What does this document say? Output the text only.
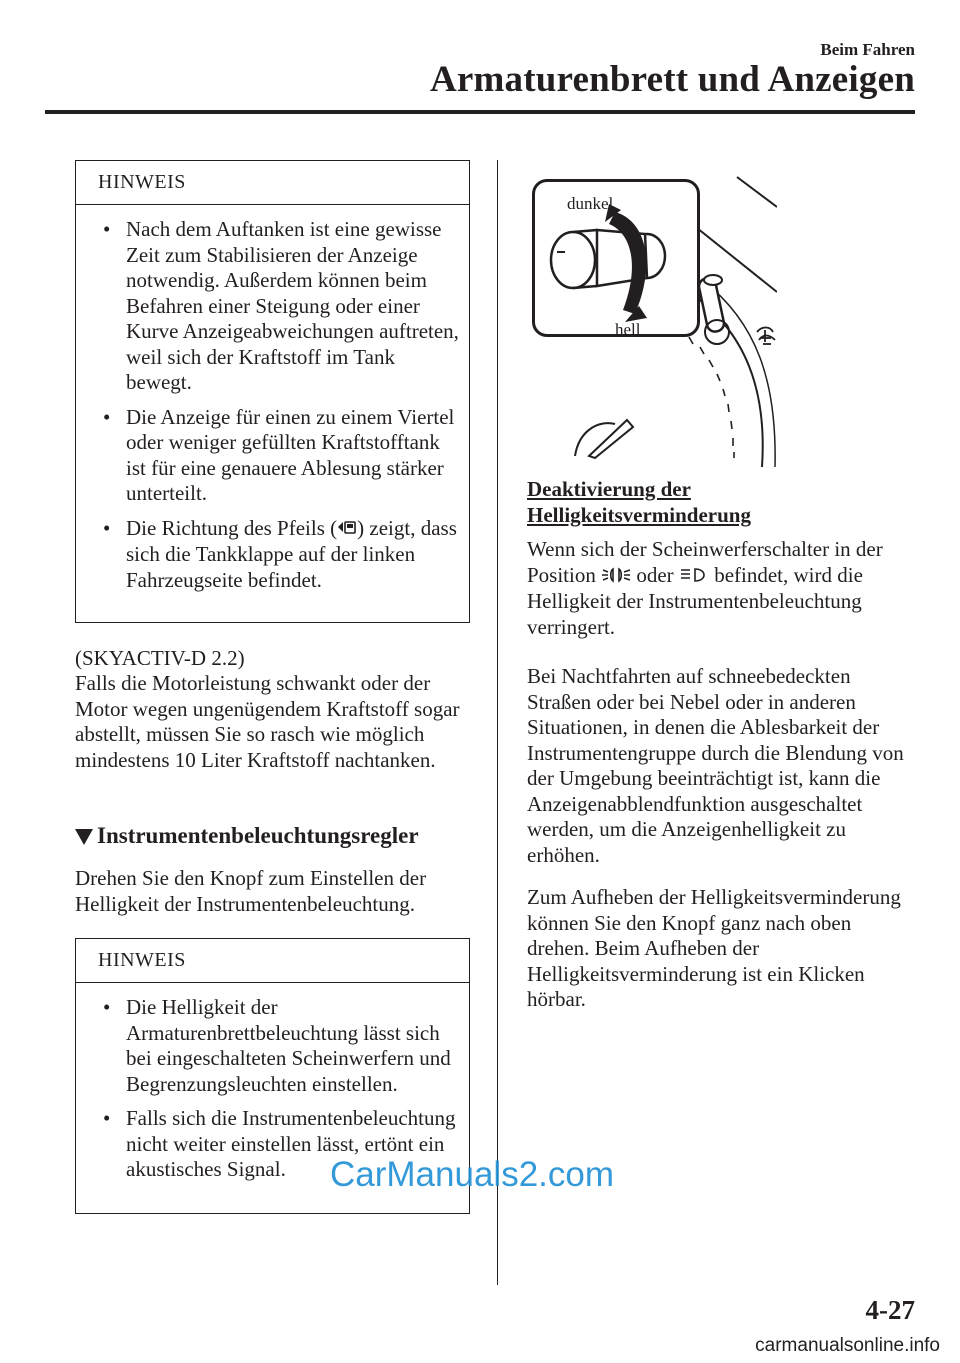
Beim Fahren
Armaturenbrett und Anzeigen
HINWEIS
• Nach dem Auftanken ist eine gewisse Zeit zum Stabilisieren der Anzeige notwendig. Außerdem können beim Befahren einer Steigung oder einer Kurve Anzeigeabweichungen auftreten, weil sich der Kraftstoff im Tank bewegt.
• Die Anzeige für einen zu einem Viertel oder weniger gefüllten Kraftstofftank ist für eine genauere Ablesung stärker unterteilt.
• Die Richtung des Pfeils ( ) zeigt, dass sich die Tankklappe auf der linken Fahrzeugseite befindet.
(SKYACTIV-D 2.2)

Falls die Motorleistung schwankt oder der Motor wegen ungenügendem Kraftstoff sogar abstellt, müssen Sie so rasch wie möglich mindestens 10 Liter Kraftstoff nachtanken.

Instrumentenbeleuchtungsregler

Drehen Sie den Knopf zum Einstellen der Helligkeit der Instrumentenbeleuchtung.

HINWEIS
• Die Helligkeit der Armaturenbrettbeleuchtung lässt sich bei eingeschalteten Scheinwerfern und Begrenzungsleuchten einstellen.
• Falls sich die Instrumentenbeleuchtung nicht weiter einstellen lässt, ertönt ein akustisches Signal.
dunkel
hell
Deaktivierung der Helligkeitsverminderung

Wenn sich der Scheinwerferschalter in der Position oder befindet, wird die Helligkeit der Instrumentenbeleuchtung verringert.

Bei Nachtfahrten auf schneebedeckten Straßen oder bei Nebel oder in anderen Situationen, in denen die Ablesbarkeit der Instrumentengruppe durch die Blendung von der Umgebung beeinträchtigt ist, kann die Anzeigenabblendfunktion ausgeschaltet werden, um die Anzeigenhelligkeit zu erhöhen.

Zum Aufheben der Helligkeitsverminderung können Sie den Knopf ganz nach oben drehen. Beim Aufheben der Helligkeitsverminderung ist ein Klicken hörbar.

4-27
CarManuals2.com
carmanualsonline.info
